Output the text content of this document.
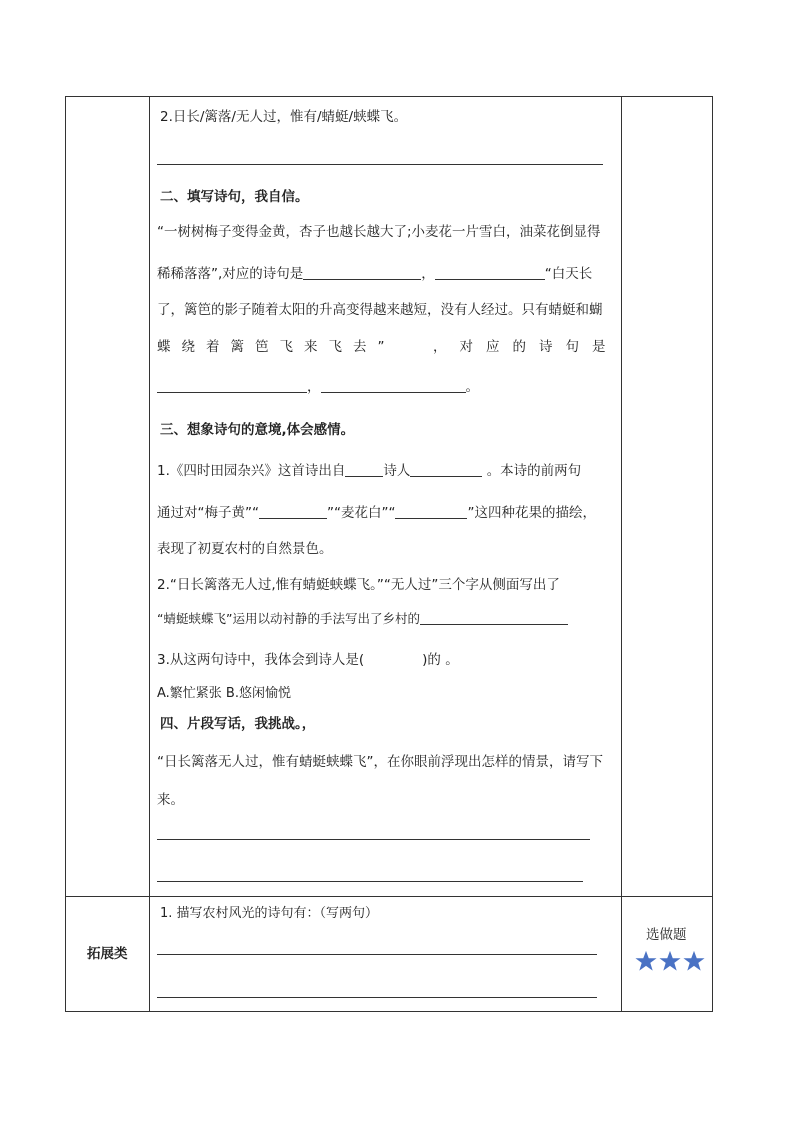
2.日长/篱落/无人过，惟有/蜻蜓/蛱蝶飞。
二、填写诗句，我自信。
“一树树梅子变得金黄，杏子也越长越大了;小麦花一片雪白，油菜花倒显得
稀稀落落”,对应的诗句是	，	“白天长
了，篱笆的影子随着太阳的升高变得越来越短，没有人经过。只有蜻蜓和蝴
蝶绕着篱笆飞来飞去”	，对应的诗句是
，	。
三、想象诗句的意境,体会感情。
1.《四时田园杂兴》这首诗出自	诗人	。本诗的前两句
通过对“梅子黄”“	”“麦花白”“	”这四种花果的描绘，
表现了初夏农村的自然景色。
2.“日长篱落无人过,惟有蜻蜓蛱蝶飞。”“无人过”三个字从侧面写出了
“蜻蜓蛱蝶飞”运用以动衬静的手法写出了乡村的
3.从这两句诗中，我体会到诗人是(	)的 。
A.繁忙紧张 B.悠闲愉悦
四、片段写话，我挑战。，
“日长篱落无人过，惟有蜻蜓蛱蝶飞”，在你眼前浮现出怎样的情景，请写下
来。
拓展类
1. 描写农村风光的诗句有：（写两句）
选做题
